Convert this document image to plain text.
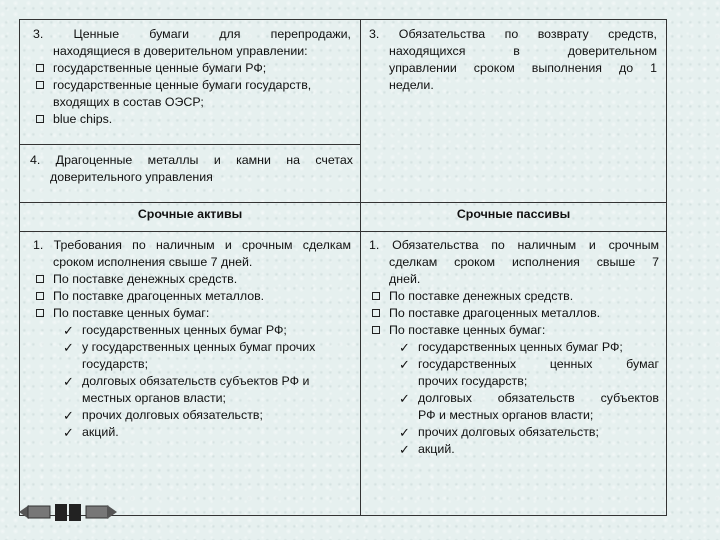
3. Ценные бумаги для перепродажи,

находящиеся в доверительном управлении:

государственные ценные бумаги РФ;

государственные ценные бумаги государств,

входящих в состав ОЭСР;

blue chips.

3. Обязательства по возврату средств,

находящихся в доверительном

управлении сроком выполнения до 1

недели.

4. Драгоценные металлы и камни на счетах

доверительного управления

Срочные активы	Срочные пассивы

1. Требования по наличным и срочным сделкам

сроком исполнения свыше 7 дней.

По поставке денежных средств.
По поставке драгоценных металлов.
По поставке ценных бумаг:
✓ государственных ценных бумаг РФ;
✓ у государственных ценных бумаг прочих

государств;

✓ долговых обязательств субъектов РФ и

местных органов власти;

✓ прочих долговых обязательств;
✓ акций.

1. Обязательства по наличным и срочным

сделкам сроком исполнения свыше 7

дней.

По поставке денежных средств.
По поставке драгоценных металлов.
По поставке ценных бумаг:
✓ государственных ценных бумаг РФ;
✓ государственных ценных бумаг

прочих государств;

✓ долговых обязательств субъектов

РФ и местных органов власти;

✓ прочих долговых обязательств;
✓ акций.
